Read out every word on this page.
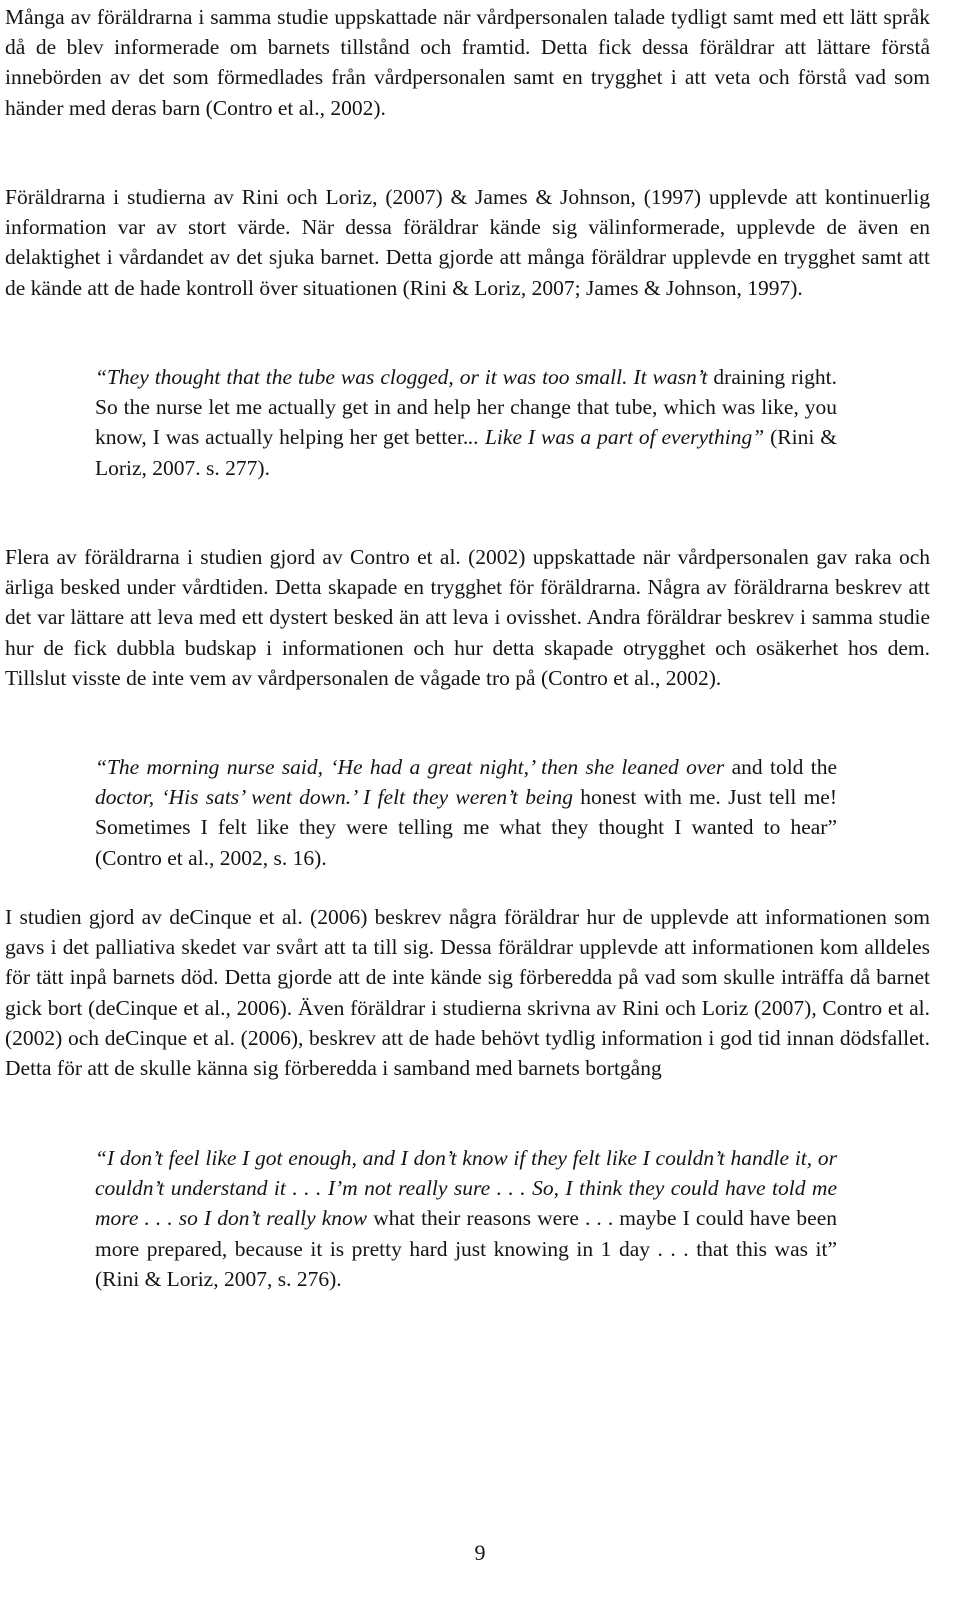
Många av föräldrarna i samma studie uppskattade när vårdpersonalen talade tydligt samt med ett lätt språk då de blev informerade om barnets tillstånd och framtid. Detta fick dessa föräldrar att lättare förstå innebörden av det som förmedlades från vårdpersonalen samt en trygghet i att veta och förstå vad som händer med deras barn (Contro et al., 2002).

Föräldrarna i studierna av Rini och Loriz, (2007) & James & Johnson, (1997) upplevde att kontinuerlig information var av stort värde. När dessa föräldrar kände sig välinformerade, upplevde de även en delaktighet i vårdandet av det sjuka barnet. Detta gjorde att många föräldrar upplevde en trygghet samt att de kände att de hade kontroll över situationen (Rini & Loriz, 2007; James & Johnson, 1997).

“They thought that the tube was clogged, or it was too small. It wasn’t draining right. So the nurse let me actually get in and help her change that tube, which was like, you know, I was actually helping her get better... Like I was a part of everything” (Rini & Loriz, 2007. s. 277).

Flera av föräldrarna i studien gjord av Contro et al. (2002) uppskattade när vårdpersonalen gav raka och ärliga besked under vårdtiden. Detta skapade en trygghet för föräldrarna. Några av föräldrarna beskrev att det var lättare att leva med ett dystert besked än att leva i ovisshet. Andra föräldrar beskrev i samma studie hur de fick dubbla budskap i informationen och hur detta skapade otrygghet och osäkerhet hos dem. Tillslut visste de inte vem av vårdpersonalen de vågade tro på (Contro et al., 2002).

“The morning nurse said, ‘He had a great night,’ then she leaned over and told the doctor, ‘His sats’ went down.’ I felt they weren’t being honest with me. Just tell me! Sometimes I felt like they were telling me what they thought I wanted to hear” (Contro et al., 2002, s. 16).

I studien gjord av deCinque et al. (2006) beskrev några föräldrar hur de upplevde att informationen som gavs i det palliativa skedet var svårt att ta till sig. Dessa föräldrar upplevde att informationen kom alldeles för tätt inpå barnets död. Detta gjorde att de inte kände sig förberedda på vad som skulle inträffa då barnet gick bort (deCinque et al., 2006). Även föräldrar i studierna skrivna av Rini och Loriz (2007), Contro et al. (2002) och deCinque et al. (2006), beskrev att de hade behövt tydlig information i god tid innan dödsfallet. Detta för att de skulle känna sig förberedda i samband med barnets bortgång

“I don’t feel like I got enough, and I don’t know if they felt like I couldn’t handle it, or couldn’t understand it . . . I’m not really sure . . . So, I think they could have told me more . . . so I don’t really know what their reasons were . . . maybe I could have been more prepared, because it is pretty hard just knowing in 1 day . . . that this was it” (Rini & Loriz, 2007, s. 276).

9
